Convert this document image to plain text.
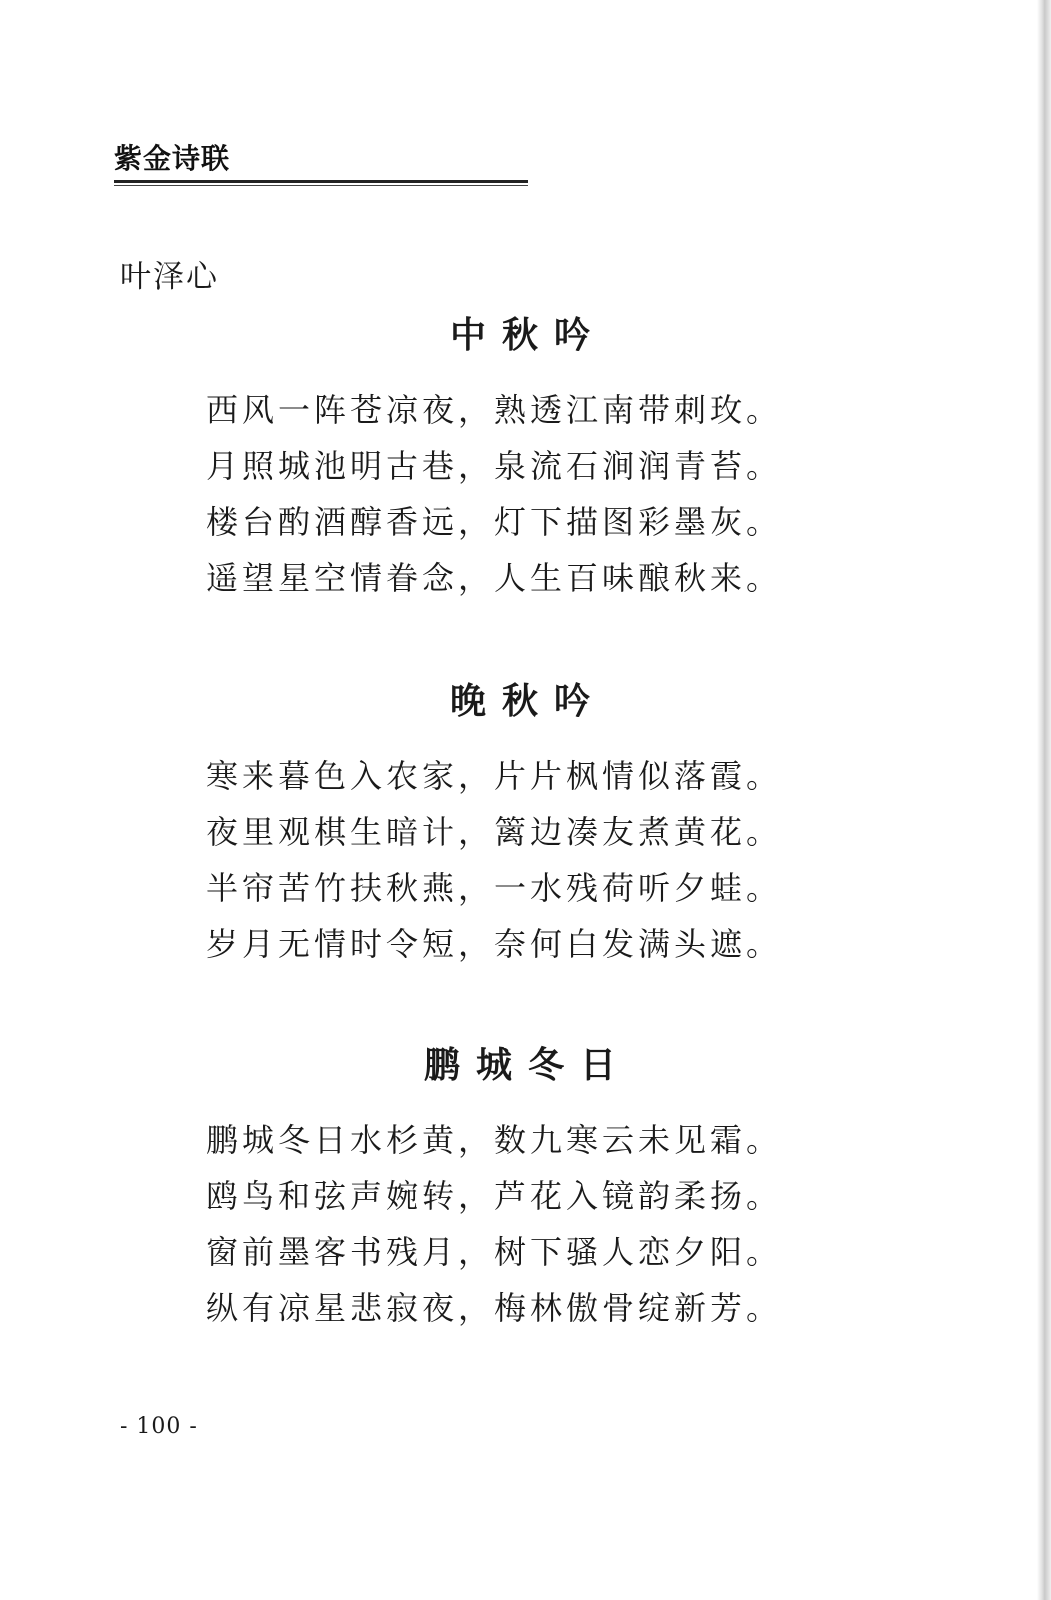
紫金诗联
叶泽心
中秋吟
西风一阵苍凉夜，熟透江南带刺玫。
月照城池明古巷，泉流石涧润青苔。
楼台酌酒醇香远，灯下描图彩墨灰。
遥望星空情眷念，人生百味酿秋来。
晚秋吟
寒来暮色入农家，片片枫情似落霞。
夜里观棋生暗计，篱边凑友煮黄花。
半帘苦竹扶秋燕，一水残荷听夕蛙。
岁月无情时令短，奈何白发满头遮。
鹏城冬日
鹏城冬日水杉黄，数九寒云未见霜。
鸥鸟和弦声婉转，芦花入镜韵柔扬。
窗前墨客书残月，树下骚人恋夕阳。
纵有凉星悲寂夜，梅林傲骨绽新芳。
- 100 -
